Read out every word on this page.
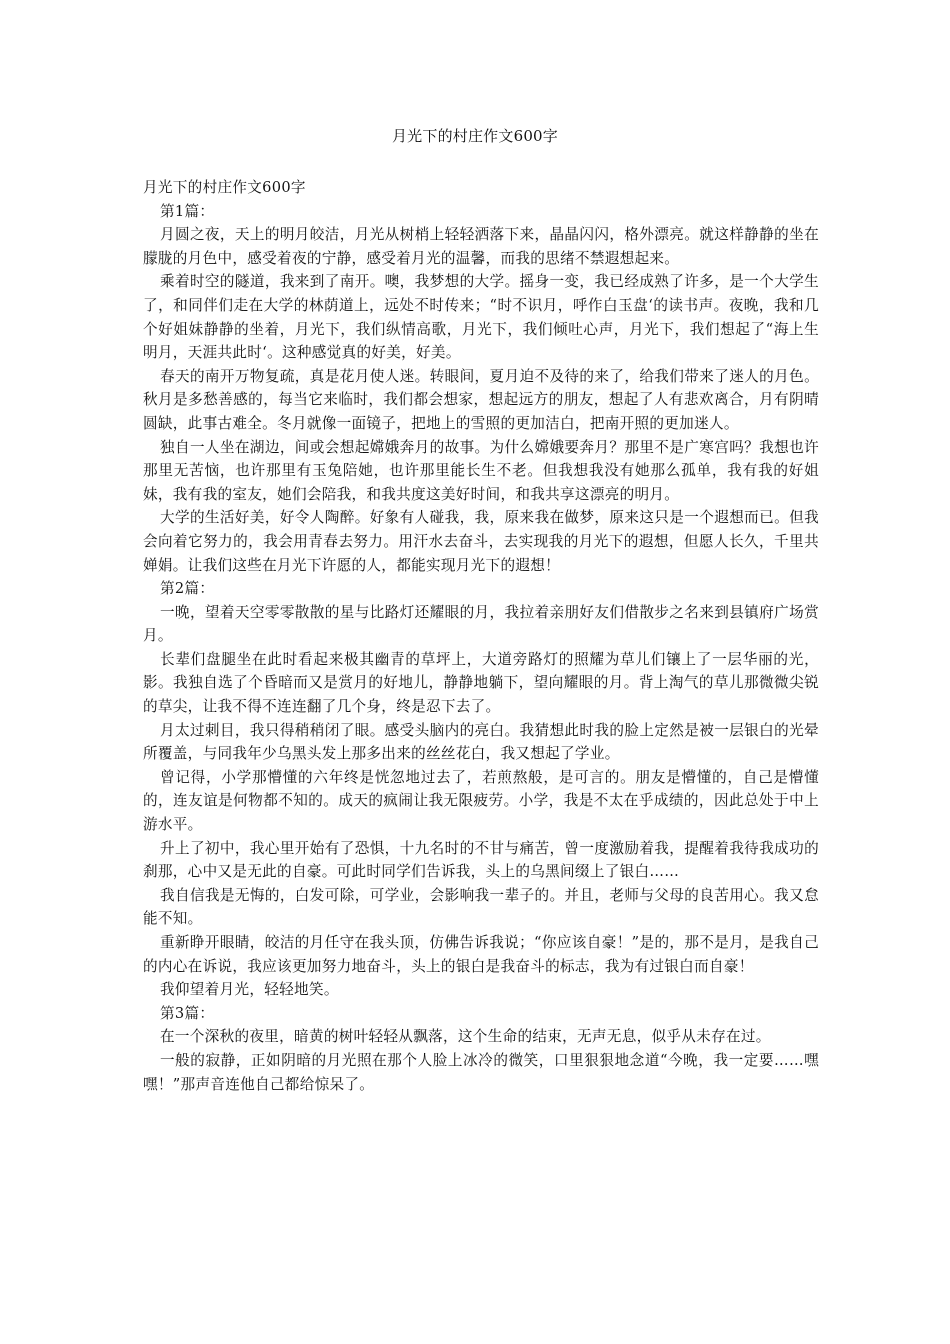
月光下的村庄作文600字

月光下的村庄作文600字

第1篇：

月圆之夜，天上的明月皎洁，月光从树梢上轻轻洒落下来，晶晶闪闪，格外漂亮。就这样静静的坐在朦胧的月色中，感受着夜的宁静，感受着月光的温馨，而我的思绪不禁遐想起来。

乘着时空的隧道，我来到了南开。噢，我梦想的大学。摇身一变，我已经成熟了许多，是一个大学生了，和同伴们走在大学的林荫道上，远处不时传来；“时不识月，呼作白玉盘‘的读书声。夜晚，我和几个好姐妹静静的坐着，月光下，我们纵情高歌，月光下，我们倾吐心声，月光下，我们想起了“海上生明月，天涯共此时‘。这种感觉真的好美，好美。

春天的南开万物复疏，真是花月使人迷。转眼间，夏月迫不及待的来了，给我们带来了迷人的月色。秋月是多愁善感的，每当它来临时，我们都会想家，想起远方的朋友，想起了人有悲欢离合，月有阴晴圆缺，此事古难全。冬月就像一面镜子，把地上的雪照的更加洁白，把南开照的更加迷人。

独自一人坐在湖边，间或会想起嫦娥奔月的故事。为什么嫦娥要奔月？那里不是广寒宫吗？我想也许那里无苦恼，也许那里有玉兔陪她，也许那里能长生不老。但我想我没有她那么孤单，我有我的好姐妹，我有我的室友，她们会陪我，和我共度这美好时间，和我共享这漂亮的明月。

大学的生活好美，好令人陶醉。好象有人碰我，我，原来我在做梦，原来这只是一个遐想而已。但我会向着它努力的，我会用青春去努力。用汗水去奋斗，去实现我的月光下的遐想，但愿人长久，千里共婵娟。让我们这些在月光下许愿的人，都能实现月光下的遐想！

第2篇：

一晚，望着天空零零散散的星与比路灯还耀眼的月，我拉着亲朋好友们借散步之名来到县镇府广场赏月。

长辈们盘腿坐在此时看起来极其幽青的草坪上，大道旁路灯的照耀为草儿们镶上了一层华丽的光，影。我独自选了个昏暗而又是赏月的好地儿，静静地躺下，望向耀眼的月。背上淘气的草儿那微微尖锐的草尖，让我不得不连连翻了几个身，终是忍下去了。

月太过刺目，我只得稍稍闭了眼。感受头脑内的亮白。我猜想此时我的脸上定然是被一层银白的光晕所覆盖，与同我年少乌黑头发上那多出来的丝丝花白，我又想起了学业。

曾记得，小学那懵懂的六年终是恍忽地过去了，若煎熬般，是可言的。朋友是懵懂的，自己是懵懂的，连友谊是何物都不知的。成天的疯闹让我无限疲劳。小学，我是不太在乎成绩的，因此总处于中上游水平。

升上了初中，我心里开始有了恐惧，十九名时的不甘与痛苦，曾一度激励着我，提醒着我待我成功的刹那，心中又是无此的自豪。可此时同学们告诉我，头上的乌黑间缀上了银白……

我自信我是无悔的，白发可除，可学业，会影响我一辈子的。并且，老师与父母的良苦用心。我又怠能不知。

重新睁开眼睛，皎洁的月任守在我头顶，仿佛告诉我说；“你应该自豪！”是的，那不是月，是我自己的内心在诉说，我应该更加努力地奋斗，头上的银白是我奋斗的标志，我为有过银白而自豪！

我仰望着月光，轻轻地笑。

第3篇：

在一个深秋的夜里，暗黄的树叶轻轻从飘落，这个生命的结束，无声无息，似乎从未存在过。

一般的寂静，正如阴暗的月光照在那个人脸上冰冷的微笑，口里狠狠地念道“今晚，我一定要……嘿嘿！”那声音连他自己都给惊呆了。
